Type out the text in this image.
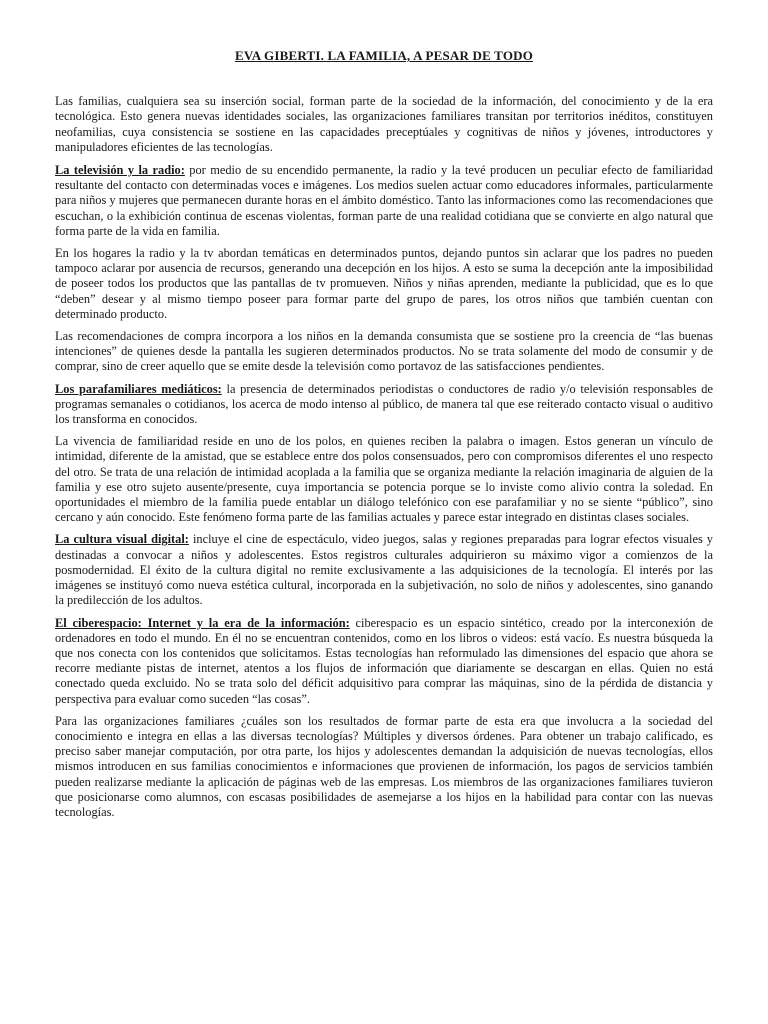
EVA GIBERTI. LA FAMILIA, A PESAR DE TODO

Las familias, cualquiera sea su inserción social, forman parte de la sociedad de la información, del conocimiento y de la era tecnológica. Esto genera nuevas identidades sociales, las organizaciones familiares transitan por territorios inéditos, constituyen neofamilias, cuya consistencia se sostiene en las capacidades preceptúales y cognitivas de niños y jóvenes, introductores y manipuladores eficientes de las tecnologías.

La televisión y la radio: por medio de su encendido permanente, la radio y la tevé producen un peculiar efecto de familiaridad resultante del contacto con determinadas voces e imágenes. Los medios suelen actuar como educadores informales, particularmente para niños y mujeres que permanecen durante horas en el ámbito doméstico. Tanto las informaciones como las recomendaciones que escuchan, o la exhibición continua de escenas violentas, forman parte de una realidad cotidiana que se convierte en algo natural que forma parte de la vida en familia.

En los hogares la radio y la tv abordan temáticas en determinados puntos, dejando puntos sin aclarar que los padres no pueden tampoco aclarar por ausencia de recursos, generando una decepción en los hijos. A esto se suma la decepción ante la imposibilidad de poseer todos los productos que las pantallas de tv promueven. Niños y niñas aprenden, mediante la publicidad, que es lo que “deben” desear y al mismo tiempo poseer para formar parte del grupo de pares, los otros niños que también cuentan con determinado producto.

Las recomendaciones de compra incorpora a los niños en la demanda consumista que se sostiene pro la creencia de “las buenas intenciones” de quienes desde la pantalla les sugieren determinados productos. No se trata solamente del modo de consumir y de comprar, sino de creer aquello que se emite desde la televisión como portavoz de las satisfacciones pendientes.

Los parafamiliares mediáticos: la presencia de determinados periodistas o conductores de radio y/o televisión responsables de programas semanales o cotidianos, los acerca de modo intenso al público, de manera tal que ese reiterado contacto visual o auditivo los transforma en conocidos.

La vivencia de familiaridad reside en uno de los polos, en quienes reciben la palabra o imagen. Estos generan un vínculo de intimidad, diferente de la amistad, que se establece entre dos polos consensuados, pero con compromisos diferentes el uno respecto del otro. Se trata de una relación de intimidad acoplada a la familia que se organiza mediante la relación imaginaria de alguien de la familia y ese otro sujeto ausente/presente, cuya importancia se potencia porque se lo inviste como alivio contra la soledad. En oportunidades el miembro de la familia puede entablar un diálogo telefónico con ese parafamiliar y no se siente “público”, sino cercano y aún conocido. Este fenómeno forma parte de las familias actuales y parece estar integrado en distintas clases sociales.

La cultura visual digital: incluye el cine de espectáculo, video juegos, salas y regiones preparadas para lograr efectos visuales y destinadas a convocar a niños y adolescentes. Estos registros culturales adquirieron su máximo vigor a comienzos de la posmodernidad. El éxito de la cultura digital no remite exclusivamente a las adquisiciones de la tecnología. El interés por las imágenes se instituyó como nueva estética cultural, incorporada en la subjetivación, no solo de niños y adolescentes, sino ganando la predilección de los adultos.

El ciberespacio: Internet y la era de la información: ciberespacio es un espacio sintético, creado por la interconexión de ordenadores en todo el mundo. En él no se encuentran contenidos, como en los libros o videos: está vacío. Es nuestra búsqueda la que nos conecta con los contenidos que solicitamos. Estas tecnologías han reformulado las dimensiones del espacio que ahora se recorre mediante pistas de internet, atentos a los flujos de información que diariamente se descargan en ellas. Quien no está conectado queda excluido. No se trata solo del déficit adquisitivo para comprar las máquinas, sino de la pérdida de distancia y perspectiva para evaluar como suceden “las cosas”.

Para las organizaciones familiares ¿cuáles son los resultados de formar parte de esta era que involucra a la sociedad del conocimiento e integra en ellas a las diversas tecnologías? Múltiples y diversos órdenes. Para obtener un trabajo calificado, es preciso saber manejar computación, por otra parte, los hijos y adolescentes demandan la adquisición de nuevas tecnologías, ellos mismos introducen en sus familias conocimientos e informaciones que provienen de información, los pagos de servicios también pueden realizarse mediante la aplicación de páginas web de las empresas. Los miembros de las organizaciones familiares tuvieron que posicionarse como alumnos, con escasas posibilidades de asemejarse a los hijos en la habilidad para contar con las nuevas tecnologías.
